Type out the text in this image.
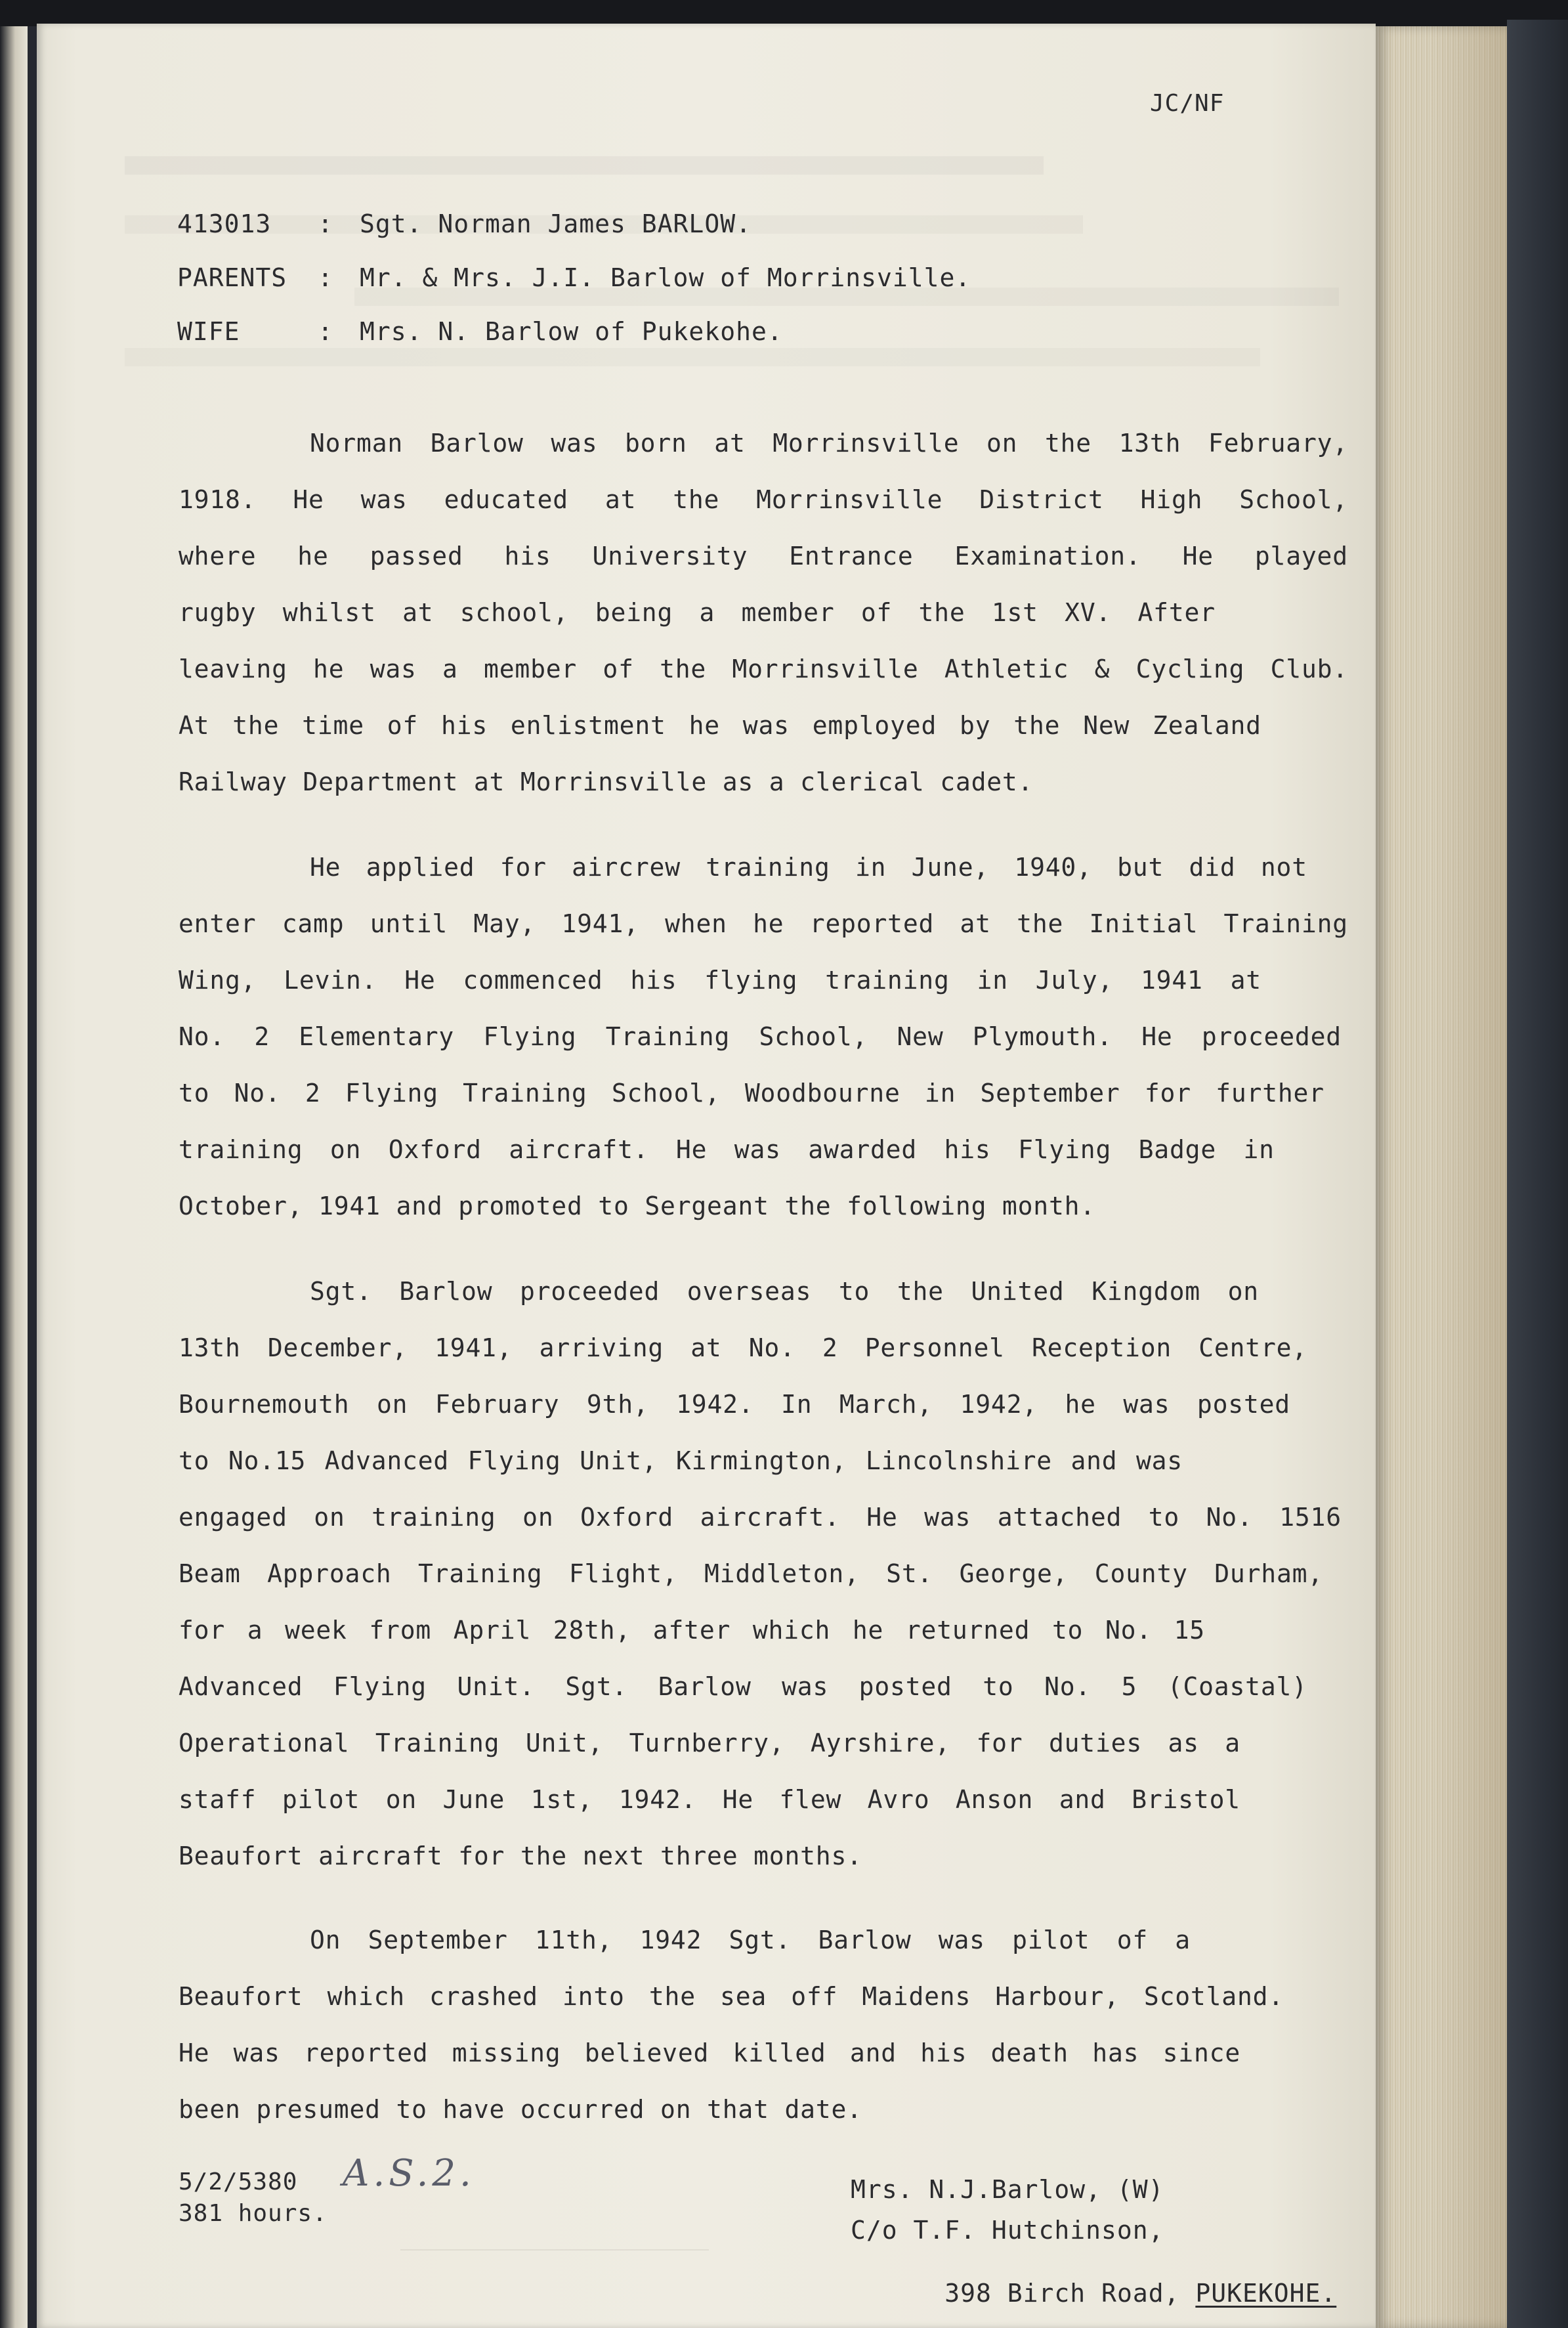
JC/NF
413013 : Sgt. Norman James BARLOW.
PARENTS : Mr. & Mrs. J.I. Barlow of Morrinsville.
WIFE	: Mrs. N. Barlow of Pukekohe.
Norman Barlow was born at Morrinsville on the 13th February,
1918. He was educated at the Morrinsville District High School,
where he passed his University Entrance Examination. He played
rugby whilst at school, being a member of the 1st XV. After
leaving he was a member of the Morrinsville Athletic & Cycling Club.
At the time of his enlistment he was employed by the New Zealand
Railway Department at Morrinsville as a clerical cadet.
He applied for aircrew training in June, 1940, but did not
enter camp until May, 1941, when he reported at the Initial Training
Wing, Levin. He commenced his flying training in July, 1941 at
No. 2 Elementary Flying Training School, New Plymouth. He proceeded
to No. 2 Flying Training School, Woodbourne in September for further
training on Oxford aircraft. He was awarded his Flying Badge in
October, 1941 and promoted to Sergeant the following month.
Sgt. Barlow proceeded overseas to the United Kingdom on
13th December, 1941, arriving at No. 2 Personnel Reception Centre,
Bournemouth on February 9th, 1942. In March, 1942, he was posted
to No.15 Advanced Flying Unit, Kirmington, Lincolnshire and was
engaged on training on Oxford aircraft. He was attached to No. 1516
Beam Approach Training Flight, Middleton, St. George, County Durham,
for a week from April 28th, after which he returned to No. 15
Advanced Flying Unit. Sgt. Barlow was posted to No. 5 (Coastal)
Operational Training Unit, Turnberry, Ayrshire, for duties as a
staff pilot on June 1st, 1942. He flew Avro Anson and Bristol
Beaufort aircraft for the next three months.
On September 11th, 1942 Sgt. Barlow was pilot of a
Beaufort which crashed into the sea off Maidens Harbour, Scotland.
He was reported missing believed killed and his death has since
been presumed to have occurred on that date.
5/2/5380 A.S.2.
381 hours.
Mrs. N.J.Barlow, (W)
C/o T.F. Hutchinson,

398 Birch Road, PUKEKOHE.
